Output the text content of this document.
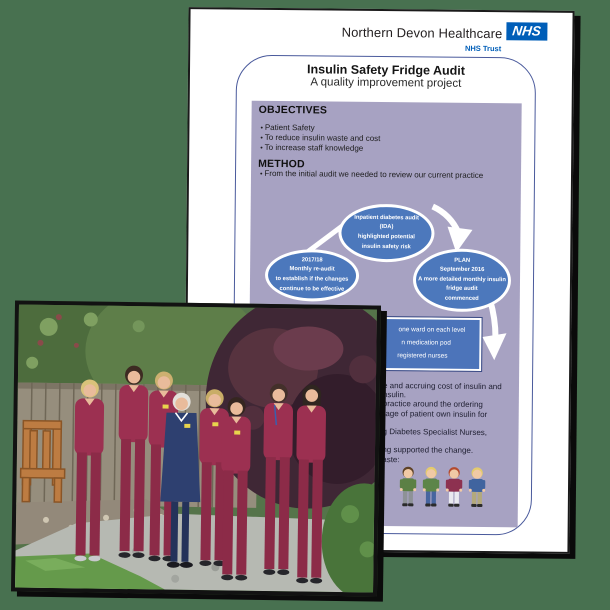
Northern Devon Healthcare NHS
NHS Trust
Insulin Safety Fridge Audit
A quality improvement project
OBJECTIVES
• Patient Safety
• To reduce insulin waste and cost
• To increase staff knowledge
METHOD
• From the initial audit we needed to review our current practice
Inpatient diabetes audit
(IDA)
highlighted potential
insulin safety risk
2017/18
Monthly re-audit
to establish if the changes
continue to be effective
PLAN
September 2016
A more detailed monthly insulin
fridge audit
commenced
one ward on each level
n medication pod
registered nurses
e and accruing cost of insulin and
nsulin.
practice around the ordering
rage of patient own insulin for
g Diabetes Specialist Nurses,
ng supported the change.
aste:
